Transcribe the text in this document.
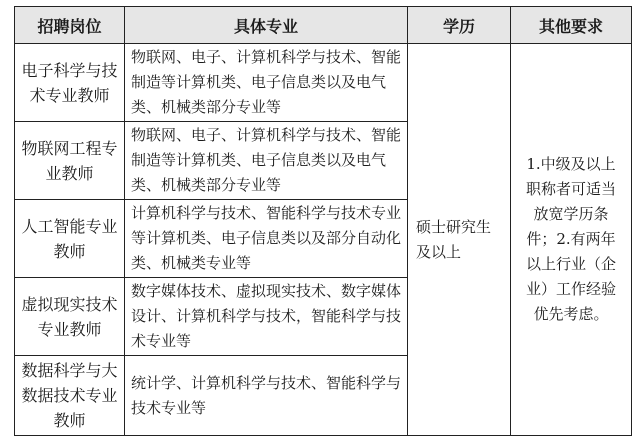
招聘岗位	具体专业	学历	其他要求
电子科学与技术专业教师	物联网、电子、计算机科学与技术、智能制造等计算机类、电子信息类以及电气类、机械类部分专业等	硕士研究生及以上	1.中级及以上职称者可适当放宽学历条件；2.有两年以上行业（企业）工作经验优先考虑。

物联网工程专业教师	物联网、电子、计算机科学与技术、智能制造等计算机类、电子信息类以及电气类、机械类部分专业等		
人工智能专业教师	计算机科学与技术、智能科学与技术专业等计算机类、电子信息类以及部分自动化类、机械类专业等		
虚拟现实技术专业教师	数字媒体技术、虚拟现实技术、数字媒体设计、计算机科学与技术，智能科学与技术专业等		
数据科学与大数据技术专业教师	统计学、计算机科学与技术、智能科学与技术专业等		
